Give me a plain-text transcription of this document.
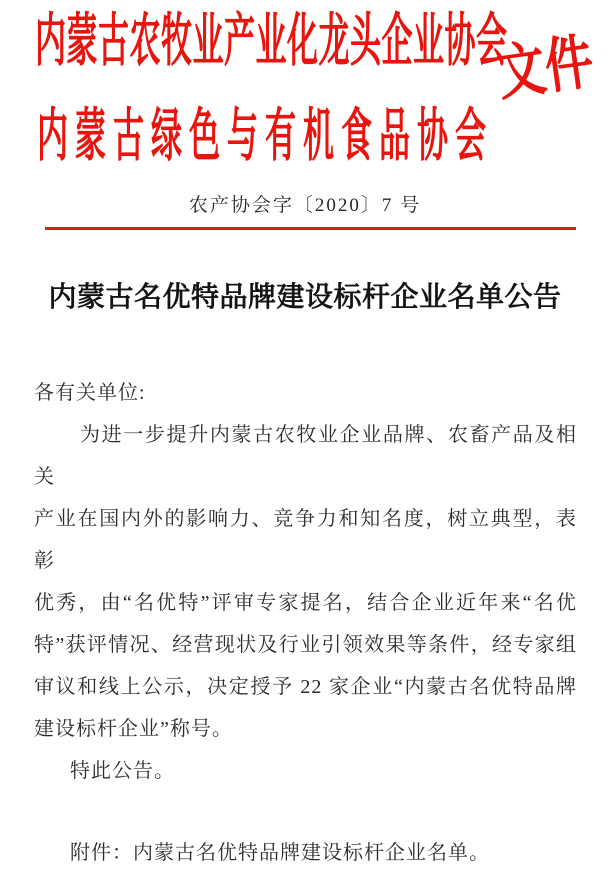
内蒙古农牧业产业化龙头企业协会
内蒙古绿色与有机食品协会
文件
农产协会字〔2020〕7 号
内蒙古名优特品牌建设标杆企业名单公告
各有关单位:
为进一步提升内蒙古农牧业企业品牌、农畜产品及相关
产业在国内外的影响力、竞争力和知名度，树立典型，表彰
优秀，由“名优特”评审专家提名，结合企业近年来“名优
特”获评情况、经营现状及行业引领效果等条件，经专家组
审议和线上公示，决定授予 22 家企业“内蒙古名优特品牌
建设标杆企业”称号。
特此公告。
附件：内蒙古名优特品牌建设标杆企业名单。
